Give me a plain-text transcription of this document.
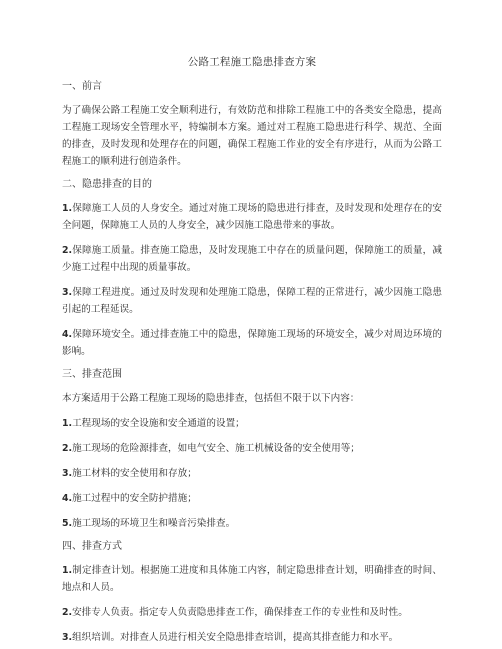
公路工程施工隐患排查方案
一、前言
为了确保公路工程施工安全顺利进行，有效防范和排除工程施工中的各类安全隐患，提高工程施工现场安全管理水平，特编制本方案。通过对工程施工隐患进行科学、规范、全面的排查，及时发现和处理存在的问题，确保工程施工作业的安全有序进行，从而为公路工程施工的顺利进行创造条件。
二、隐患排查的目的
1.保障施工人员的人身安全。通过对施工现场的隐患进行排查，及时发现和处理存在的安全问题，保障施工人员的人身安全，减少因施工隐患带来的事故。
2.保障施工质量。排查施工隐患，及时发现施工中存在的质量问题，保障施工的质量，减少施工过程中出现的质量事故。
3.保障工程进度。通过及时发现和处理施工隐患，保障工程的正常进行，减少因施工隐患引起的工程延误。
4.保障环境安全。通过排查施工中的隐患，保障施工现场的环境安全，减少对周边环境的影响。
三、排查范围
本方案适用于公路工程施工现场的隐患排查，包括但不限于以下内容：
1.工程现场的安全设施和安全通道的设置；
2.施工现场的危险源排查，如电气安全、施工机械设备的安全使用等；
3.施工材料的安全使用和存放；
4.施工过程中的安全防护措施；
5.施工现场的环境卫生和噪音污染排查。
四、排查方式
1.制定排查计划。根据施工进度和具体施工内容，制定隐患排查计划，明确排查的时间、地点和人员。
2.安排专人负责。指定专人负责隐患排查工作，确保排查工作的专业性和及时性。
3.组织培训。对排查人员进行相关安全隐患排查培训，提高其排查能力和水平。
